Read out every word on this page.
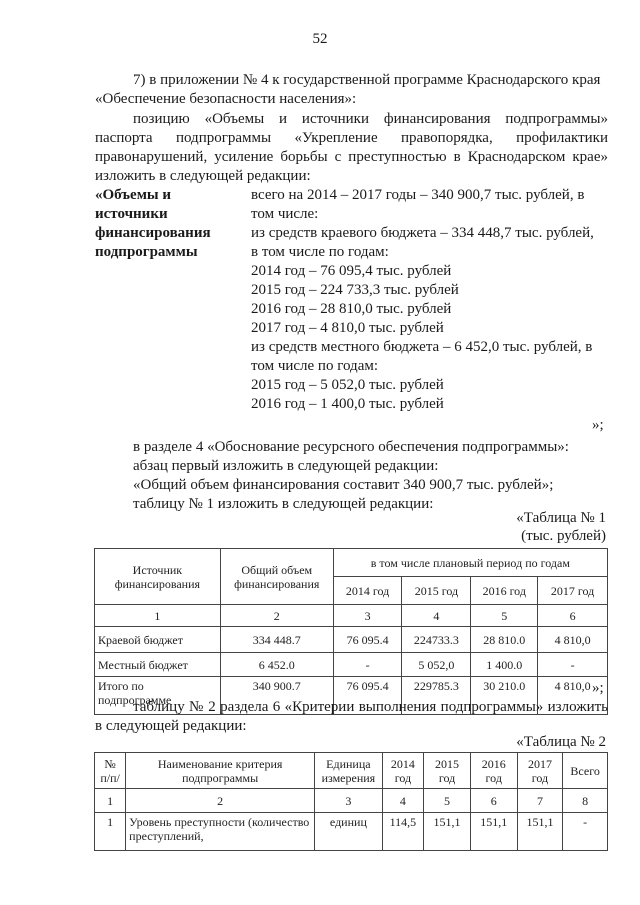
52
7) в приложении № 4 к государственной программе Краснодарского края
«Обеспечение безопасности населения»:
позицию «Объемы и источники финансирования подпрограммы»
паспорта подпрограммы «Укрепление правопорядка, профилактики
правонарушений, усиление борьбы с преступностью в Краснодарском крае»
изложить в следующей редакции:
«Объемы и
источники
финансирования
подпрограммы
всего на 2014 – 2017 годы – 340 900,7 тыс. рублей, в
том числе:
из средств краевого бюджета – 334 448,7 тыс. рублей,
в том числе по годам:
2014 год – 76 095,4 тыс. рублей
2015 год – 224 733,3 тыс. рублей
2016 год – 28 810,0 тыс. рублей
2017 год – 4 810,0 тыс. рублей
из средств местного бюджета – 6 452,0 тыс. рублей, в
том числе по годам:
2015 год – 5 052,0 тыс. рублей
2016 год – 1 400,0 тыс. рублей
»;
в разделе 4 «Обоснование ресурсного обеспечения подпрограммы»:
абзац первый изложить в следующей редакции:
«Общий объем финансирования составит 340 900,7 тыс. рублей»;
таблицу № 1 изложить в следующей редакции:
«Таблица № 1
(тыс. рублей)
Источник финансирования	Общий объем финансирования	в том числе плановый период по годам			
		2014 год	2015 год	2016 год	2017 год
1	2	3	4	5	6
Краевой бюджет	334 448.7	76 095.4	224733.3	28 810.0	4 810,0
Местный бюджет	6 452.0	-	5 052,0	1 400.0	-
Итого по подпрограмме	340 900.7	76 095.4	229785.3	30 210.0	4 810,0 »;
таблицу № 2 раздела 6 «Критерии выполнения подпрограммы» изложить
в следующей редакции:
«Таблица № 2
№ п/п/	Наименование критерия подпрограммы	Единица измерения	2014 год	2015 год	2016 год	2017 год	Всего
1	2	3	4	5	6	7	8
1	Уровень преступности (количество преступлений,	единиц	114,5	151,1	151,1	151,1	-
